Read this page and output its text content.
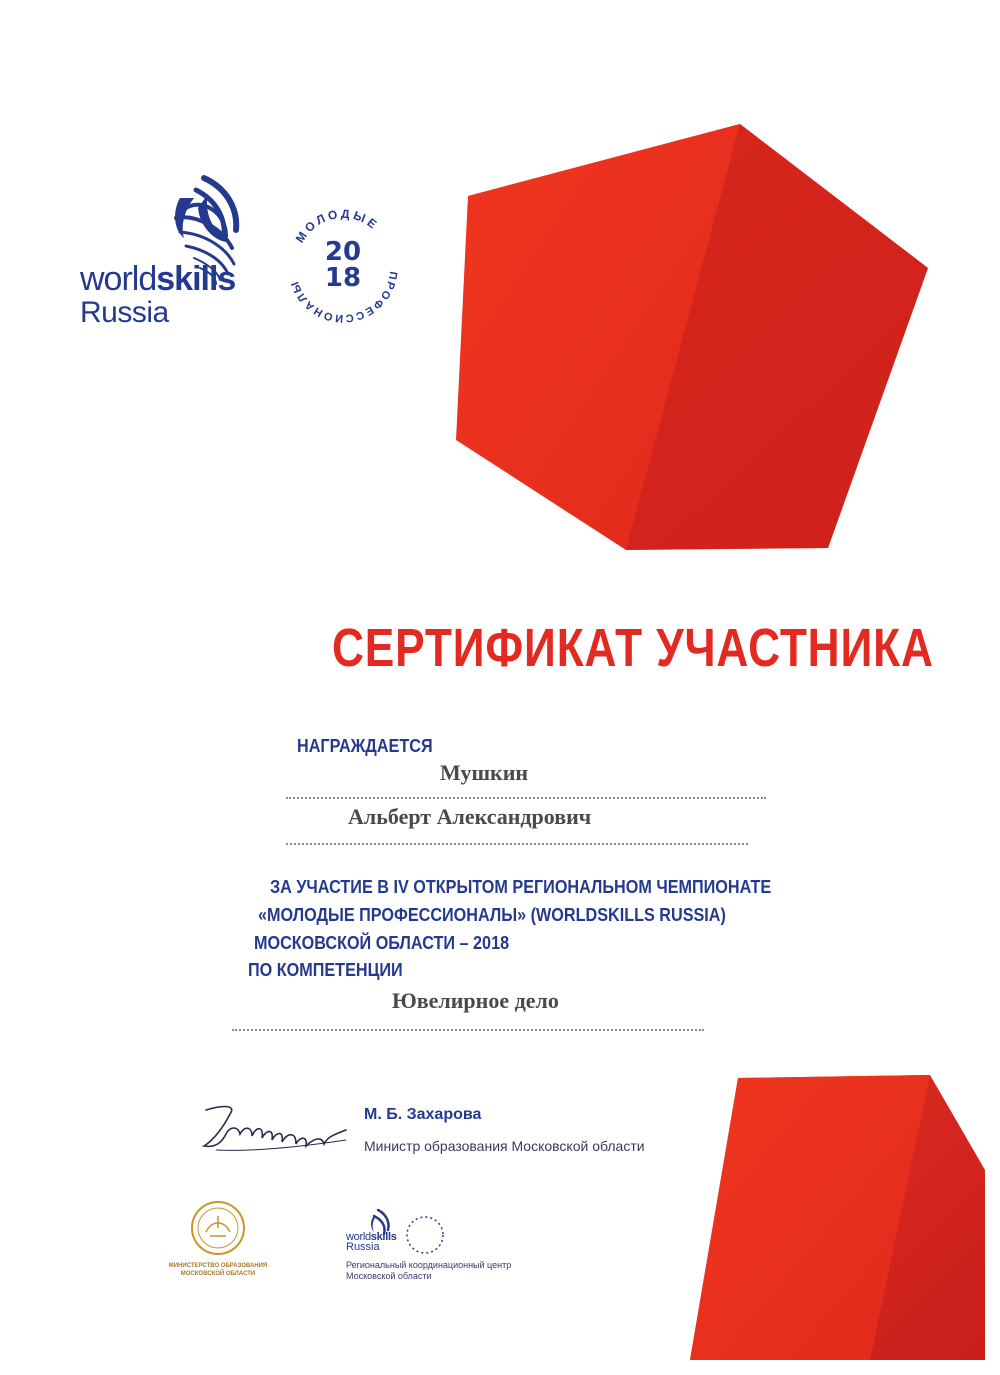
worldskills
Russia
МОЛОДЫЕ
ПРОФЕССИОНАЛЫ
20
18
СЕРТИФИКАТ УЧАСТНИКА
НАГРАЖДАЕТСЯ
Мушкин
Альберт Александрович
ЗА УЧАСТИЕ В IV ОТКРЫТОМ РЕГИОНАЛЬНОМ ЧЕМПИОНАТЕ
«МОЛОДЫЕ ПРОФЕССИОНАЛЫ» (WORLDSKILLS RUSSIA)
МОСКОВСКОЙ ОБЛАСТИ – 2018
ПО КОМПЕТЕНЦИИ
Ювелирное дело
М. Б. Захарова
Министр образования Московской области
МИНИСТЕРСТВО ОБРАЗОВАНИЯ
МОСКОВСКОЙ ОБЛАСТИ
worldskills
Russia
Региональный координационный центр
Московской области
